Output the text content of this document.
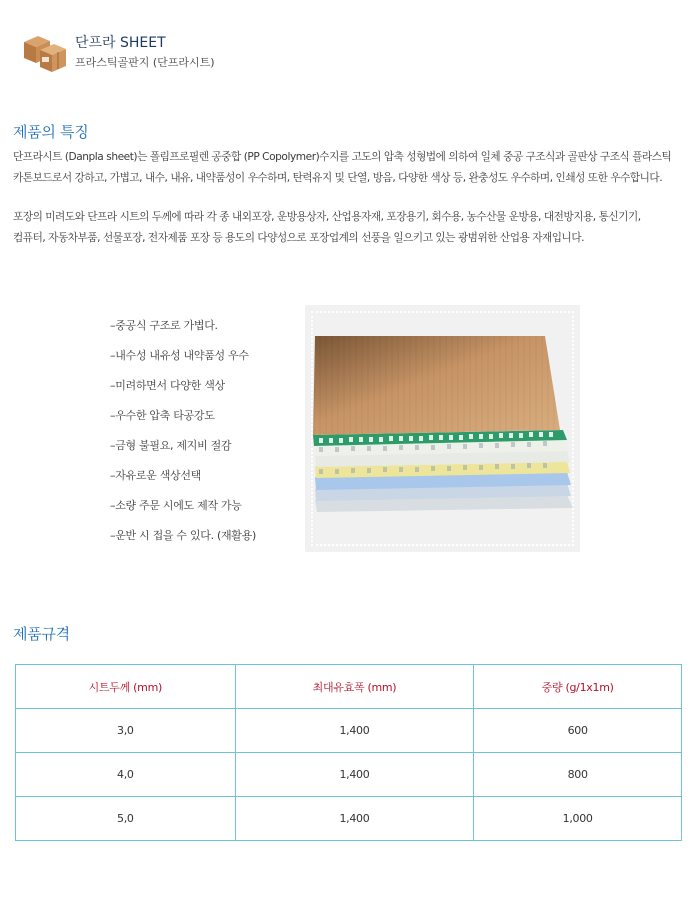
단프라 SHEET
프라스틱골판지 (단프라시트)
제품의 특징
단프라시트 (Danpla sheet)는 폴림프로필렌 공중합 (PP Copolymer)수지를 고도의 압축 성형법에 의하여 일체 중공 구조식과 골판상 구조식 플라스틱
카톤보드로서 강하고, 가볍고, 내수, 내유, 내약품성이 우수하며, 탄력유지 및 단열, 방음, 다양한 색상 등, 완충성도 우수하며, 인쇄성 또한 우수합니다.
포장의 미려도와 단프라 시트의 두께에 따라 각 종 내외포장, 운방용상자, 산업용자재, 포장용기, 회수용, 농수산물 운방용, 대전방지용, 통신기기,
컴퓨터, 자동차부품, 선물포장, 전자제품 포장 등 용도의 다양성으로 포장업계의 선풍을 일으키고 있는 광범위한 산업용 자재입니다.
–중공식 구조로 가볍다.
–내수성 내유성 내약품성 우수
–미려하면서 다양한 색상
–우수한 압축 타공강도
–금형 불필요, 제지비 절감
–자유로운 색상선택
–소량 주문 시에도 제작 가능
–운반 시 접을 수 있다. (재활용)
제품규격
시트두께 (mm)	최대유효폭 (mm)	중량 (g/1x1m)
3,0	1,400	600
4,0	1,400	800
5,0	1,400	1,000
